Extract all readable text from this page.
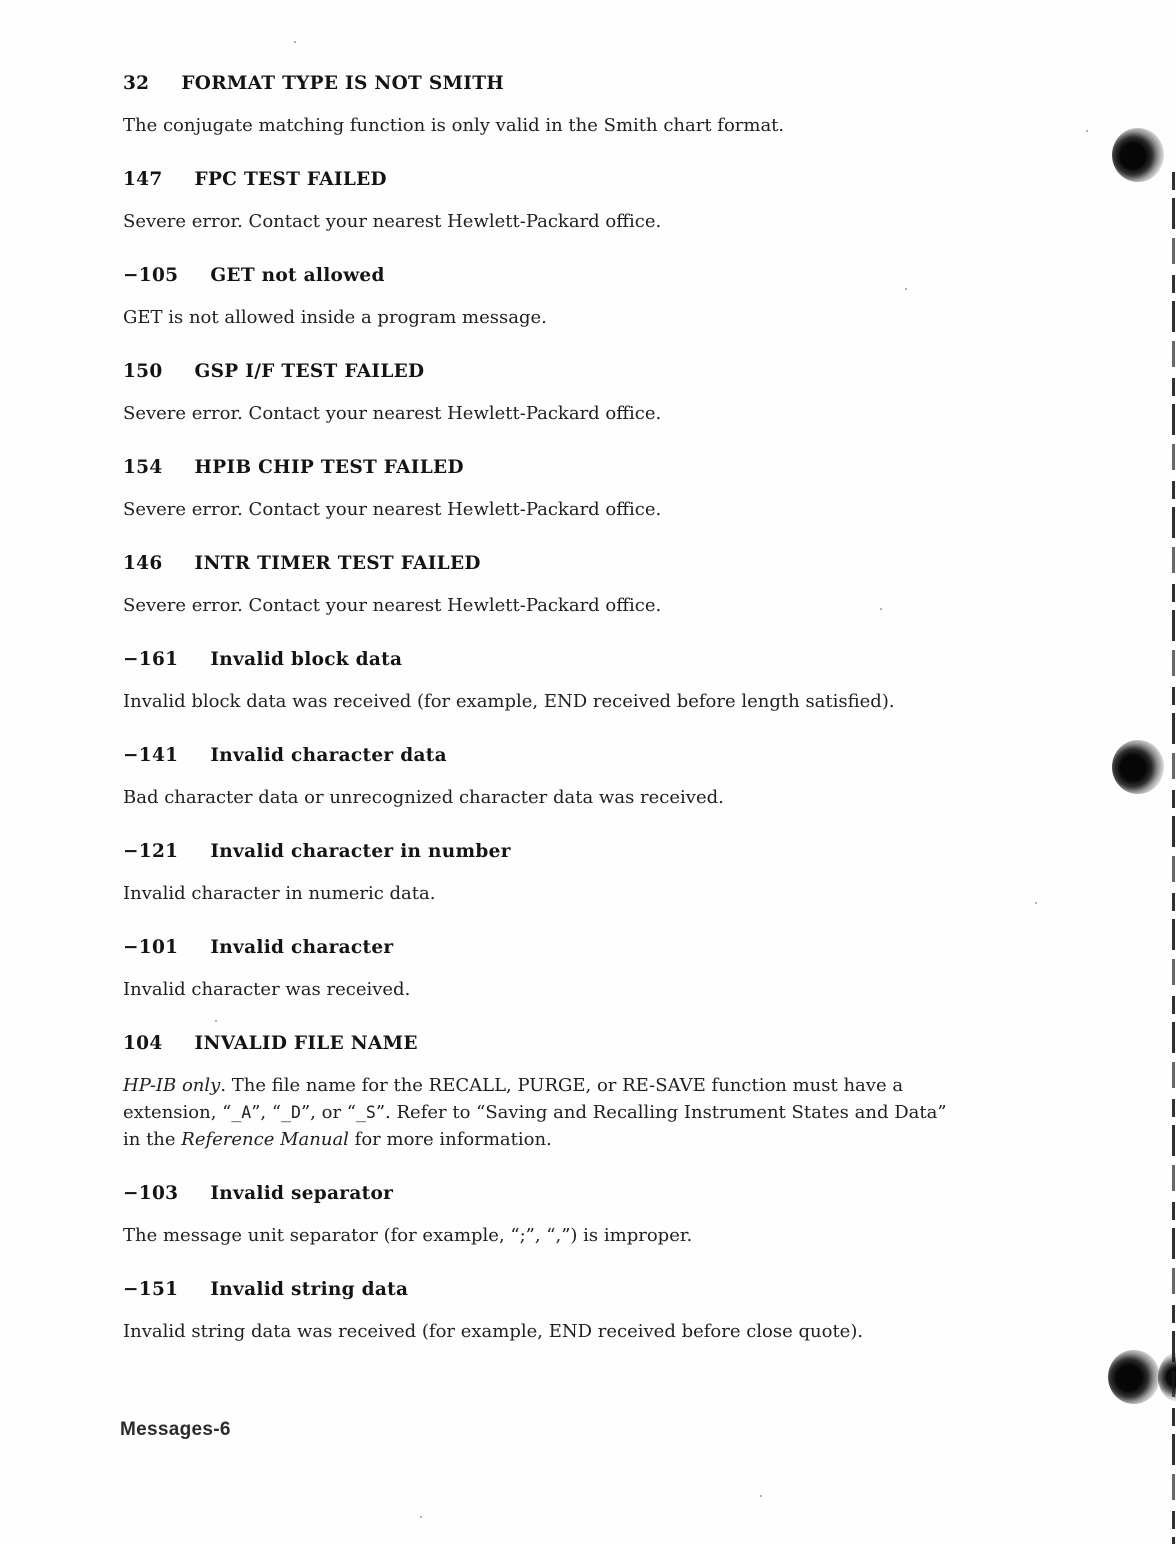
32 FORMAT TYPE IS NOT SMITH

The conjugate matching function is only valid in the Smith chart format.

147 FPC TEST FAILED

Severe error. Contact your nearest Hewlett-Packard office.

−105 GET not allowed

GET is not allowed inside a program message.

150 GSP I/F TEST FAILED

Severe error. Contact your nearest Hewlett-Packard office.

154 HPIB CHIP TEST FAILED

Severe error. Contact your nearest Hewlett-Packard office.

146 INTR TIMER TEST FAILED

Severe error. Contact your nearest Hewlett-Packard office.

−161 Invalid block data

Invalid block data was received (for example, END received before length satisfied).

−141 Invalid character data

Bad character data or unrecognized character data was received.

−121 Invalid character in number

Invalid character in numeric data.

−101 Invalid character

Invalid character was received.

104 INVALID FILE NAME

HP-IB only. The file name for the RECALL, PURGE, or RE-SAVE function must have a
extension, “_A”, “_D”, or “_S”. Refer to “Saving and Recalling Instrument States and Data”
in the Reference Manual for more information.

−103 Invalid separator

The message unit separator (for example, “;”, “,”) is improper.

−151 Invalid string data

Invalid string data was received (for example, END received before close quote).

Messages-6
